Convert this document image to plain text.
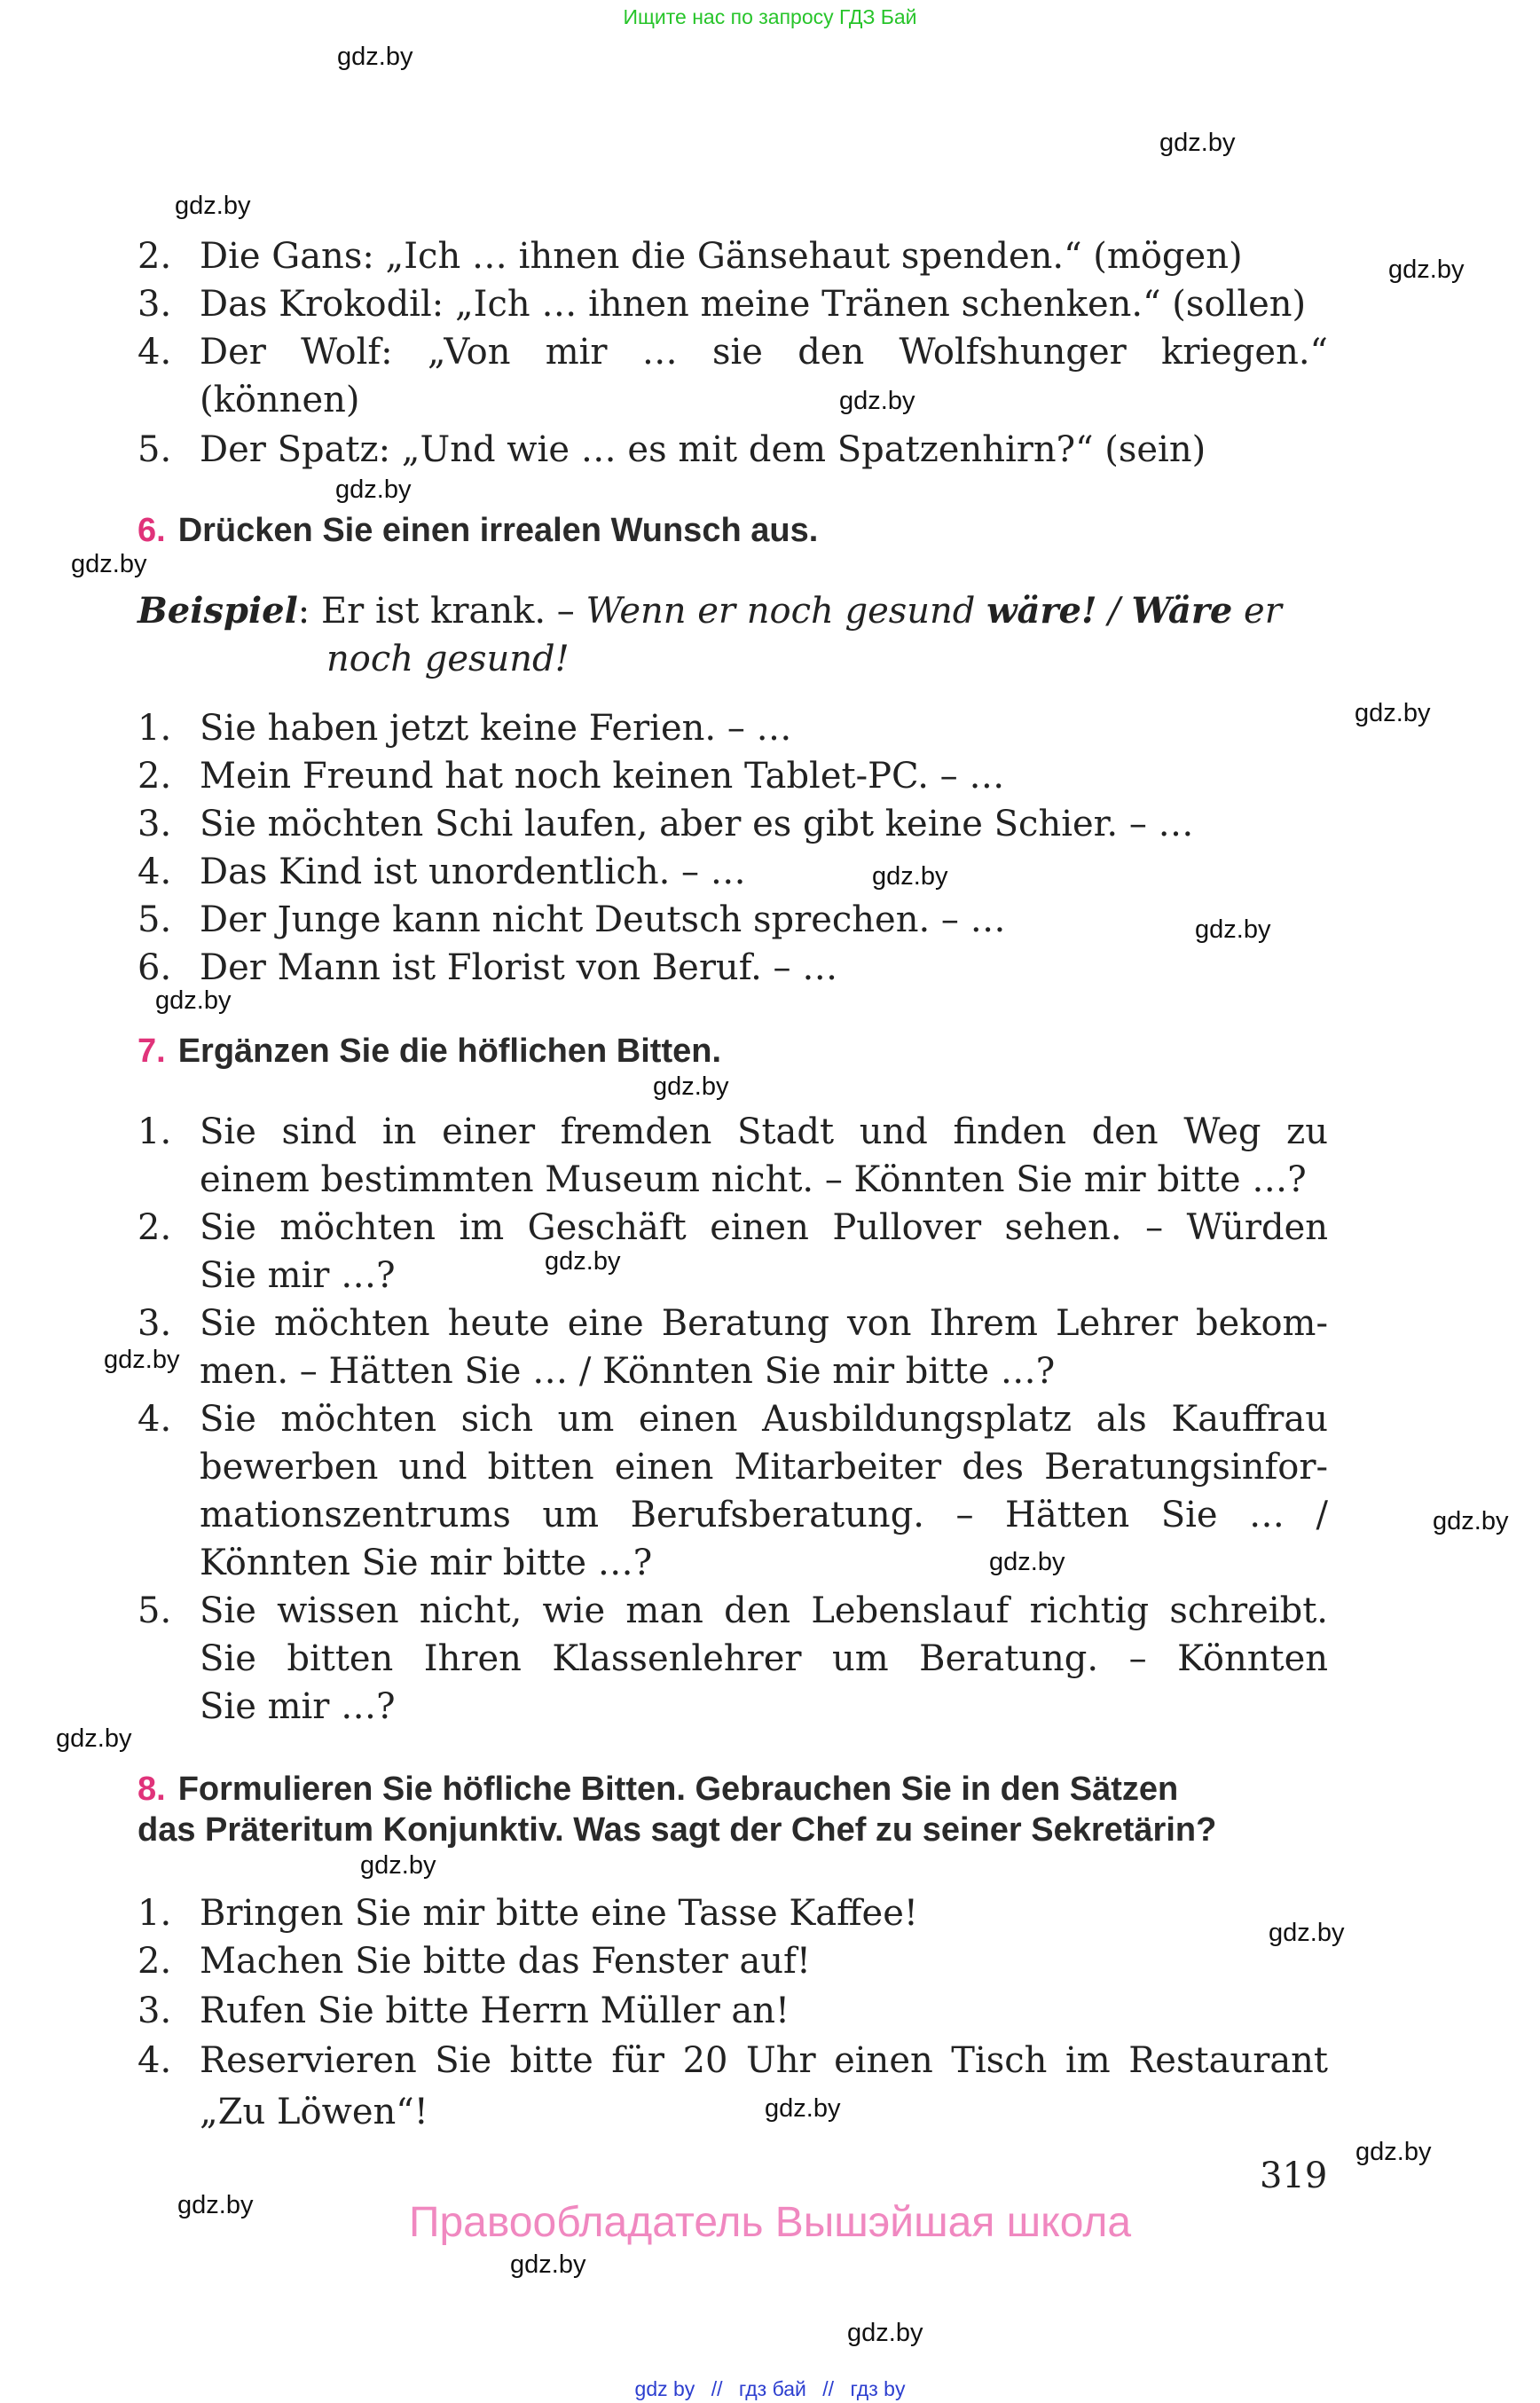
Ищите нас по запросу ГДЗ Бай
gdz.by
gdz.by
gdz.by
gdz.by
gdz.by
gdz.by
gdz.by
gdz.by
gdz.by
gdz.by
gdz.by
gdz.by
gdz.by
gdz.by
gdz.by
gdz.by
gdz.by
gdz.by
gdz.by
gdz.by
gdz.by
gdz.by
gdz.by
gdz.by
2. Die Gans: „Ich … ihnen die Gänsehaut spenden.“ (mögen)
3. Das Krokodil: „Ich … ihnen meine Tränen schenken.“ (sollen)
4. Der Wolf: „Von mir … sie den Wolfshunger kriegen.“
(können)
5. Der Spatz: „Und wie … es mit dem Spatzenhirn?“ (sein)
6. Drücken Sie einen irrealen Wunsch aus.
Beispiel: Er ist krank. – Wenn er noch gesund wäre! / Wäre er
noch gesund!
1. Sie haben jetzt keine Ferien. – …
2. Mein Freund hat noch keinen Tablet-PC. – …
3. Sie möchten Schi laufen, aber es gibt keine Schier. – …
4. Das Kind ist unordentlich. – …
5. Der Junge kann nicht Deutsch sprechen. – …
6. Der Mann ist Florist von Beruf. – …
7. Ergänzen Sie die höflichen Bitten.
1. Sie sind in einer fremden Stadt und finden den Weg zu
einem bestimmten Museum nicht. – Könnten Sie mir bitte …?
2. Sie möchten im Geschäft einen Pullover sehen. – Würden
Sie mir …?
3. Sie möchten heute eine Beratung von Ihrem Lehrer bekom-
men. – Hätten Sie … / Könnten Sie mir bitte …?
4. Sie möchten sich um einen Ausbildungsplatz als Kauffrau
bewerben und bitten einen Mitarbeiter des Beratungsinfor-
mationszentrums um Berufsberatung. – Hätten Sie … /
Könnten Sie mir bitte …?
5. Sie wissen nicht, wie man den Lebenslauf richtig schreibt.
Sie bitten Ihren Klassenlehrer um Beratung. – Könnten
Sie mir …?
8. Formulieren Sie höfliche Bitten. Gebrauchen Sie in den Sätzen
das Präteritum Konjunktiv. Was sagt der Chef zu seiner Sekretärin?
1. Bringen Sie mir bitte eine Tasse Kaffee!
2. Machen Sie bitte das Fenster auf!
3. Rufen Sie bitte Herrn Müller an!
4. Reservieren Sie bitte für 20 Uhr einen Tisch im Restaurant
„Zu Löwen“!
319
Правообладатель Вышэйшая школа
gdz by // гдз бай // гдз by
